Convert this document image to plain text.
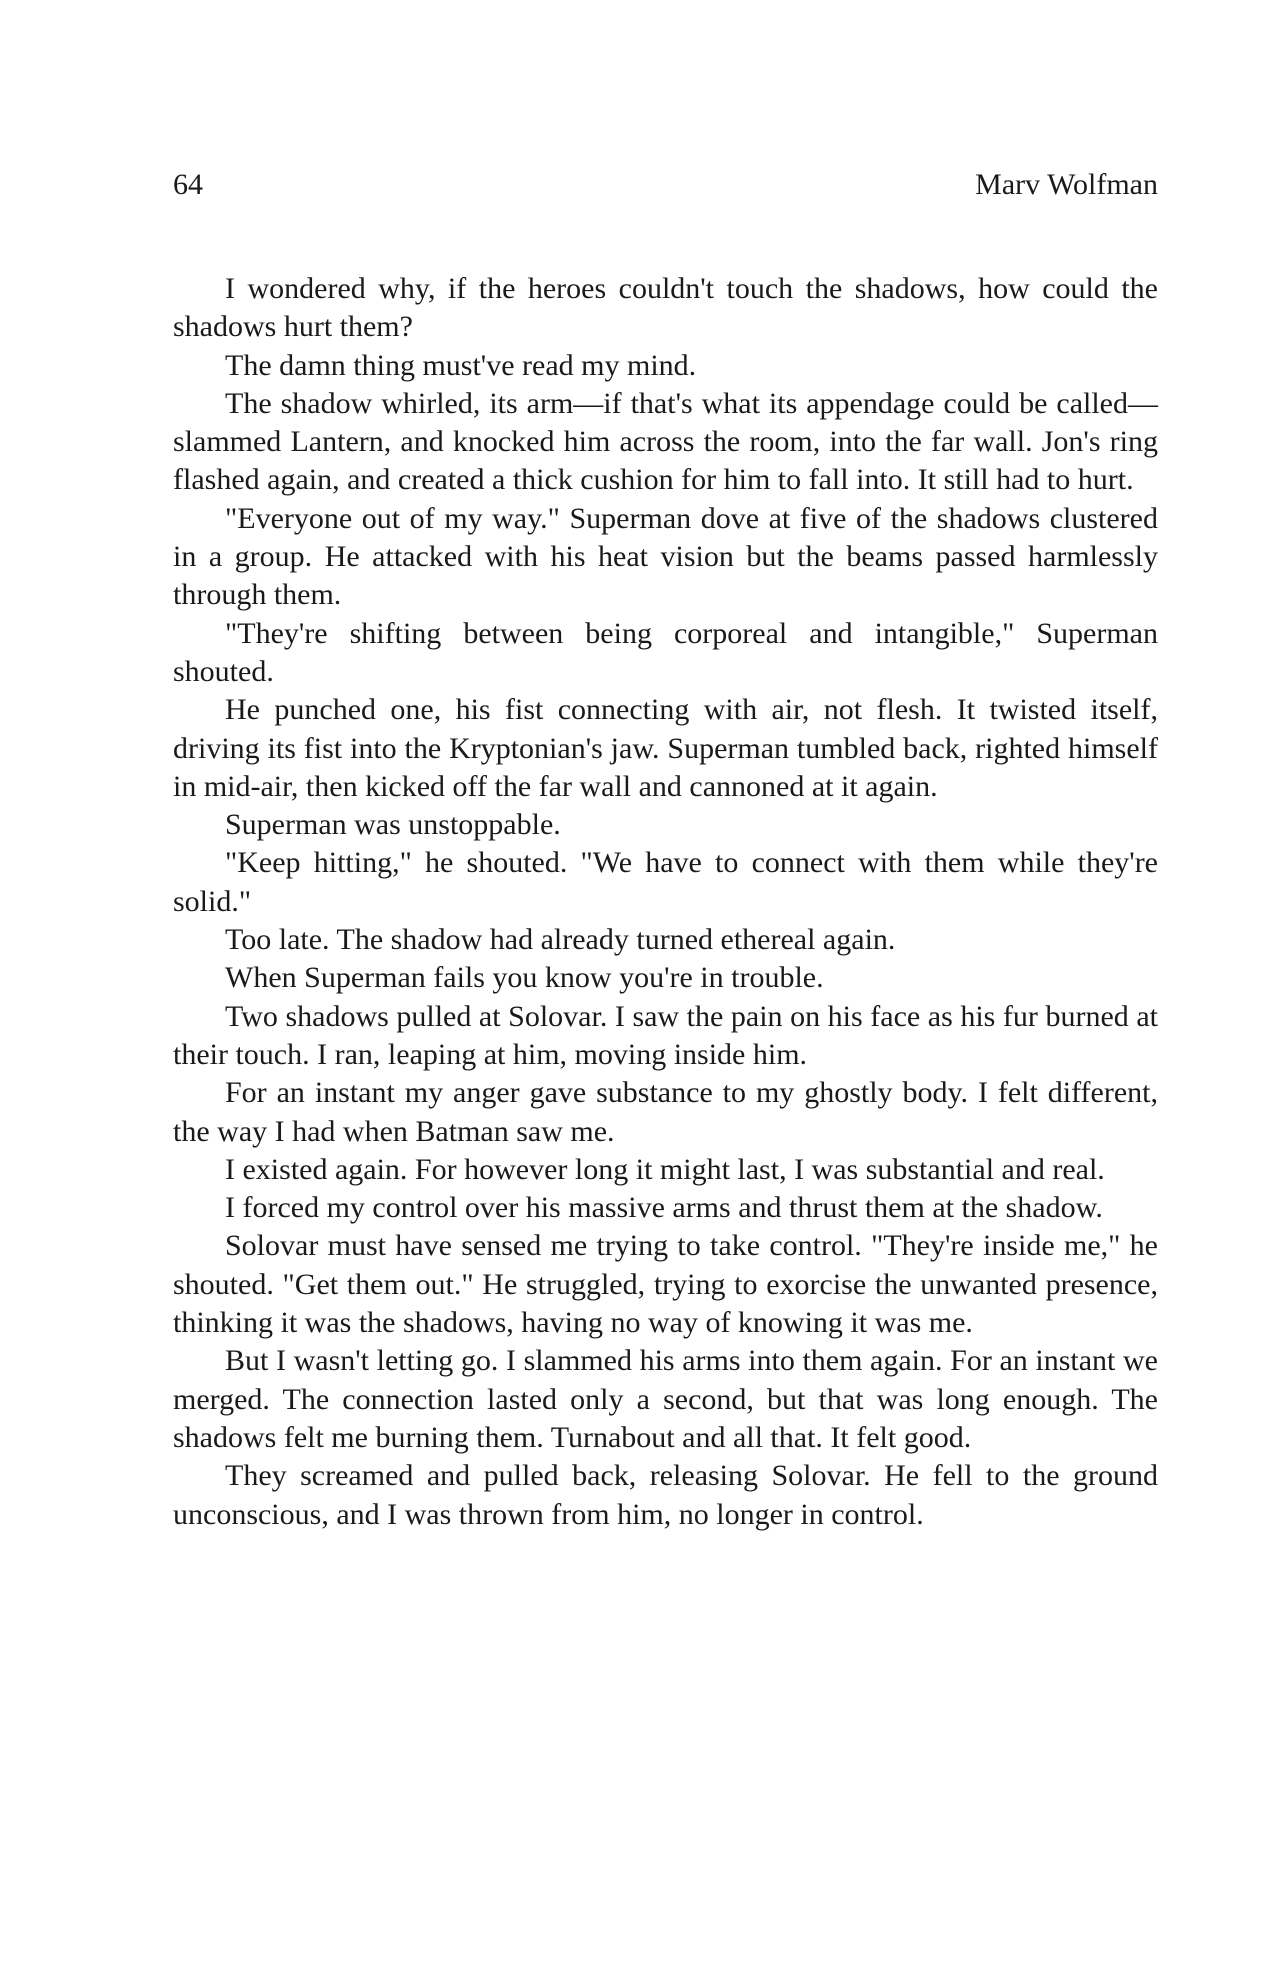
64	Marv Wolfman

I wondered why, if the heroes couldn't touch the shadows, how could the shadows hurt them?

The damn thing must've read my mind.

The shadow whirled, its arm—if that's what its appendage could be called—slammed Lantern, and knocked him across the room, into the far wall. Jon's ring flashed again, and created a thick cushion for him to fall into. It still had to hurt.

"Everyone out of my way." Superman dove at five of the shadows clustered in a group. He attacked with his heat vision but the beams passed harmlessly through them.

"They're shifting between being corporeal and intangible," Superman shouted.

He punched one, his fist connecting with air, not flesh. It twisted itself, driving its fist into the Kryptonian's jaw. Superman tumbled back, righted himself in mid-air, then kicked off the far wall and cannoned at it again.

Superman was unstoppable.

"Keep hitting," he shouted. "We have to connect with them while they're solid."

Too late. The shadow had already turned ethereal again.

When Superman fails you know you're in trouble.

Two shadows pulled at Solovar. I saw the pain on his face as his fur burned at their touch. I ran, leaping at him, moving inside him.

For an instant my anger gave substance to my ghostly body. I felt different, the way I had when Batman saw me.

I existed again. For however long it might last, I was substantial and real.

I forced my control over his massive arms and thrust them at the shadow.

Solovar must have sensed me trying to take control. "They're inside me," he shouted. "Get them out." He struggled, trying to exorcise the unwanted presence, thinking it was the shadows, having no way of knowing it was me.

But I wasn't letting go. I slammed his arms into them again. For an instant we merged. The connection lasted only a second, but that was long enough. The shadows felt me burning them. Turnabout and all that. It felt good.

They screamed and pulled back, releasing Solovar. He fell to the ground unconscious, and I was thrown from him, no longer in control.
